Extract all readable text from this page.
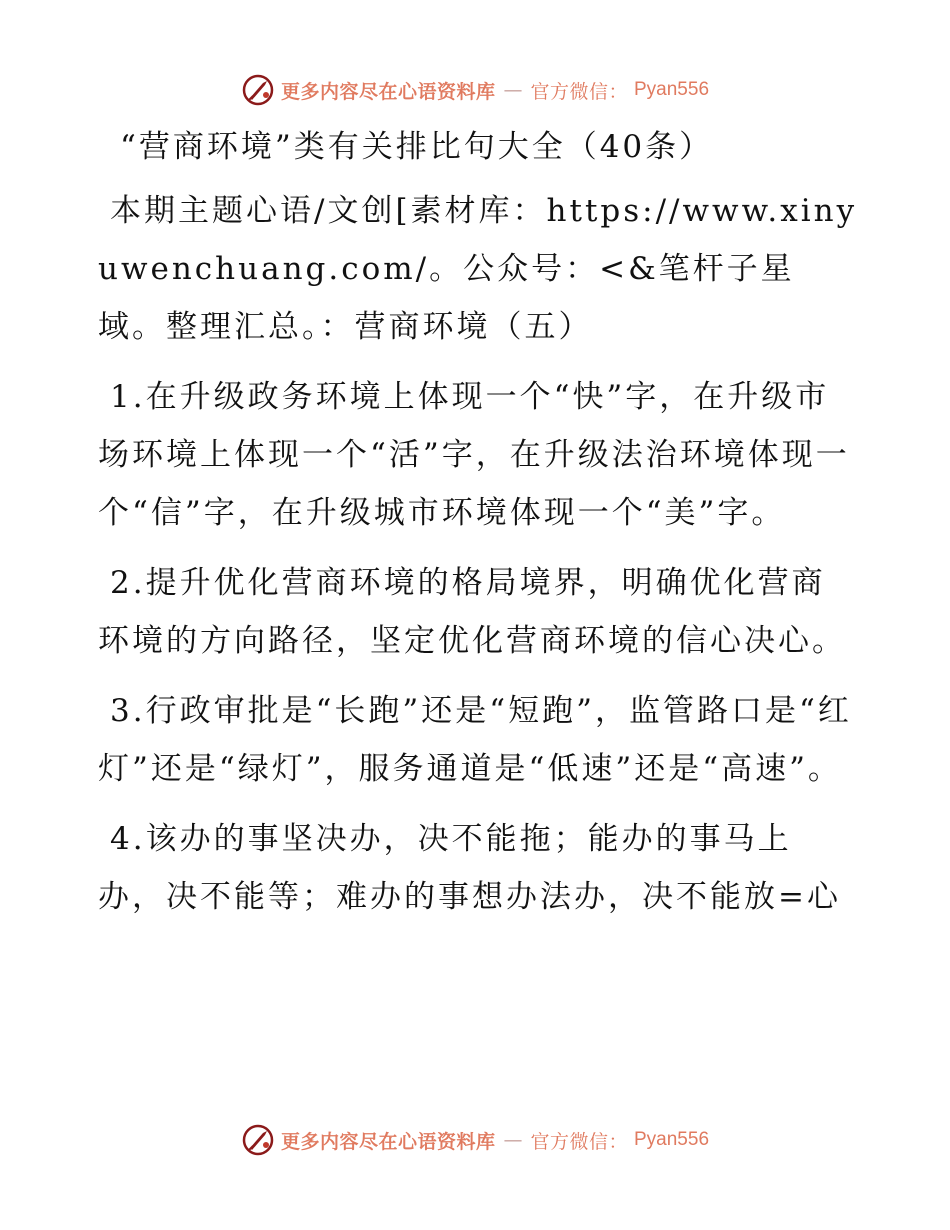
更多内容尽在心语资料库 — 官方微信： Pyan556
“营商环境”类有关排比句大全（40条）

本期主题心语/文创[素材库：https://www.xinyuwenchuang.com/。公众号：<&笔杆子星域。整理汇总。：营商环境（五）

1.在升级政务环境上体现一个“快”字，在升级市场环境上体现一个“活”字，在升级法治环境体现一个“信”字，在升级城市环境体现一个“美”字。

2.提升优化营商环境的格局境界，明确优化营商环境的方向路径，坚定优化营商环境的信心决心。

3.行政审批是“长跑”还是“短跑”，监管路口是“红灯”还是“绿灯”，服务通道是“低速”还是“高速”。

4.该办的事坚决办，决不能拖；能办的事马上办，决不能等；难办的事想办法办，决不能放=心

更多内容尽在心语资料库 — 官方微信： Pyan556
